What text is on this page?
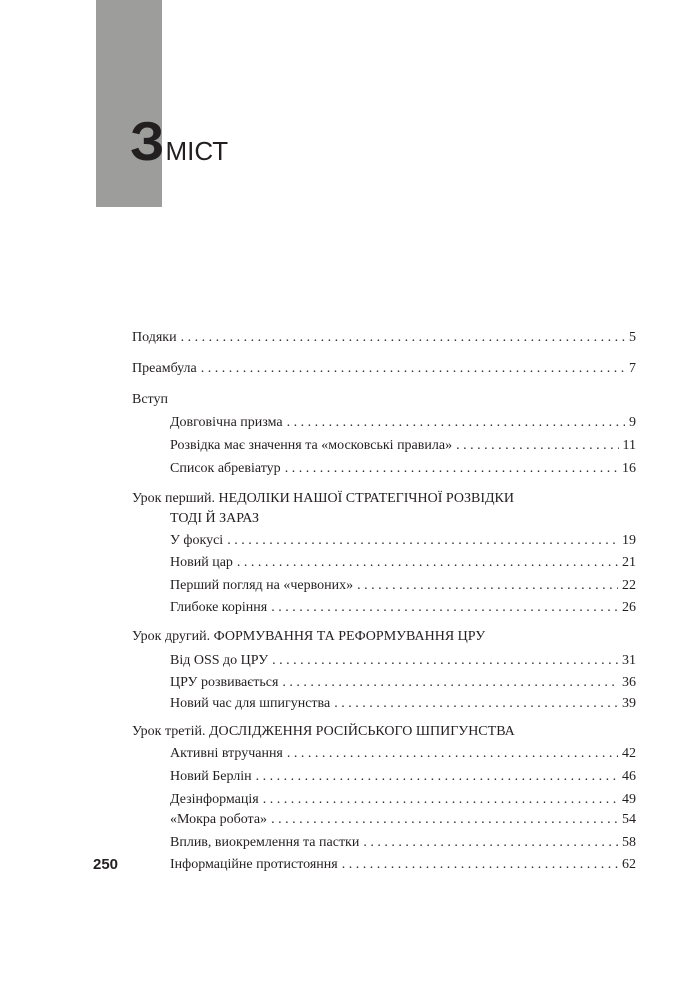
ЗМІСТ
Подяки . . .	5
Преамбула . . .	7
Вступ
Довговічна призма . . .	9
Розвідка має значення та «московські правила» . . .	11
Список абревіатур . . .	16
Урок перший. НЕДОЛІКИ НАШОЇ СТРАТЕГІЧНОЇ РОЗВІДКИ
ТОДІ Й ЗАРАЗ
У фокусі . . .	19
Новий цар . . .	21
Перший погляд на «червоних» . . .	22
Глибоке коріння . . .	26
Урок другий. ФОРМУВАННЯ ТА РЕФОРМУВАННЯ ЦРУ
Від OSS до ЦРУ . . .	31
ЦРУ розвивається . . .	36
Новий час для шпигунства . . .	39
Урок третій. ДОСЛІДЖЕННЯ РОСІЙСЬКОГО ШПИГУНСТВА
Активні втручання . . .	42
Новий Берлін . . .	46
Дезінформація . . .	49
«Мокра робота» . . .	54
Вплив, виокремлення та пастки . . .	58
Інформаційне протистояння . . .	62
250
